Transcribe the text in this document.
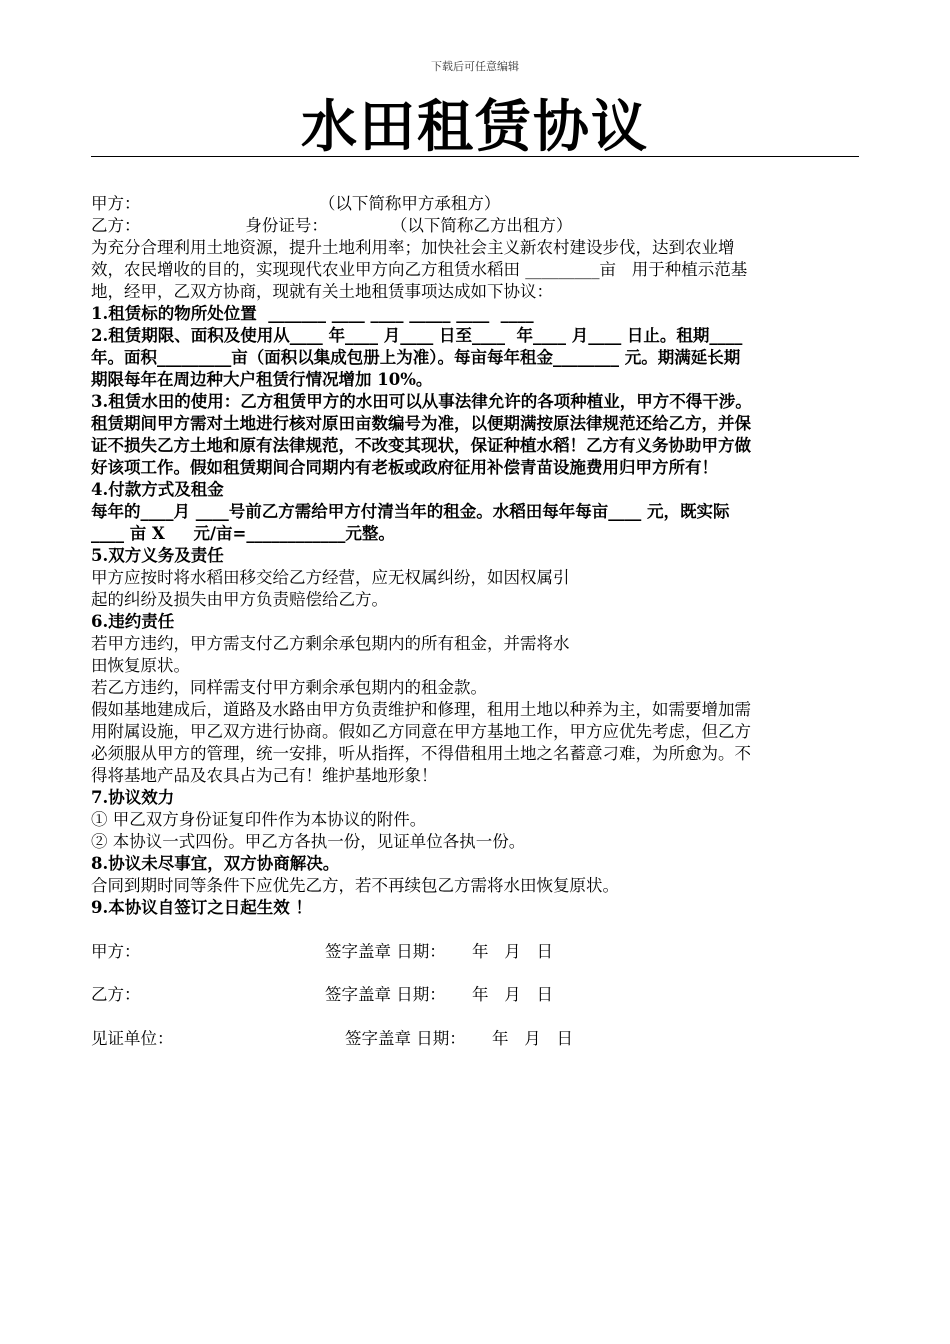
下载后可任意编辑
水田租赁协议
甲方：                                  （以下简称甲方承租方）
乙方：                    身份证号：            （以下简称乙方出租方）
为充分合理利用土地资源，提升土地利用率；加快社会主义新农村建设步伐，达到农业增
效，农民增收的目的，实现现代农业甲方向乙方租赁水稻田 _________亩   用于种植示范基
地，经甲，乙双方协商，现就有关土地租赁事项达成如下协议：
1.租赁标的物所处位置  _______ ____ ____ _____ ____  ____
2.租赁期限、面积及使用从____ 年____ 月____ 日至____  年____ 月____ 日止。租期____
年。面积_________亩（面积以集成包册上为准）。每亩每年租金________ 元。期满延长期
期限每年在周边种大户租赁行情况增加 10%。
3.租赁水田的使用：乙方租赁甲方的水田可以从事法律允许的各项种植业，甲方不得干涉。
租赁期间甲方需对土地进行核对原田亩数编号为准，以便期满按原法律规范还给乙方，并保
证不损失乙方土地和原有法律规范，不改变其现状，保证种植水稻！乙方有义务协助甲方做
好该项工作。假如租赁期间合同期内有老板或政府征用补偿青苗设施费用归甲方所有！
4.付款方式及租金
每年的____月 ____号前乙方需给甲方付清当年的租金。水稻田每年每亩____ 元，既实际
____ 亩 X     元/亩=____________元整。
5.双方义务及责任
甲方应按时将水稻田移交给乙方经营，应无权属纠纷，如因权属引
起的纠纷及损失由甲方负责赔偿给乙方。
6.违约责任
若甲方违约，甲方需支付乙方剩余承包期内的所有租金，并需将水
田恢复原状。
若乙方违约，同样需支付甲方剩余承包期内的租金款。
假如基地建成后，道路及水路由甲方负责维护和修理，租用土地以种养为主，如需要增加需
用附属设施，甲乙双方进行协商。假如乙方同意在甲方基地工作，甲方应优先考虑，但乙方
必须服从甲方的管理，统一安排，听从指挥，不得借租用土地之名蓄意刁难，为所愈为。不
得将基地产品及农具占为己有！维护基地形象！
7.协议效力
① 甲乙双方身份证复印件作为本协议的附件。
② 本协议一式四份。甲乙方各执一份，见证单位各执一份。
8.协议未尽事宜，双方协商解决。
合同到期时同等条件下应优先乙方，若不再续包乙方需将水田恢复原状。
9.本协议自签订之日起生效 ！
甲方：	签字盖章 日期：     年   月   日
乙方：	签字盖章 日期：     年   月   日
见证单位：	签字盖章 日期：     年   月   日
